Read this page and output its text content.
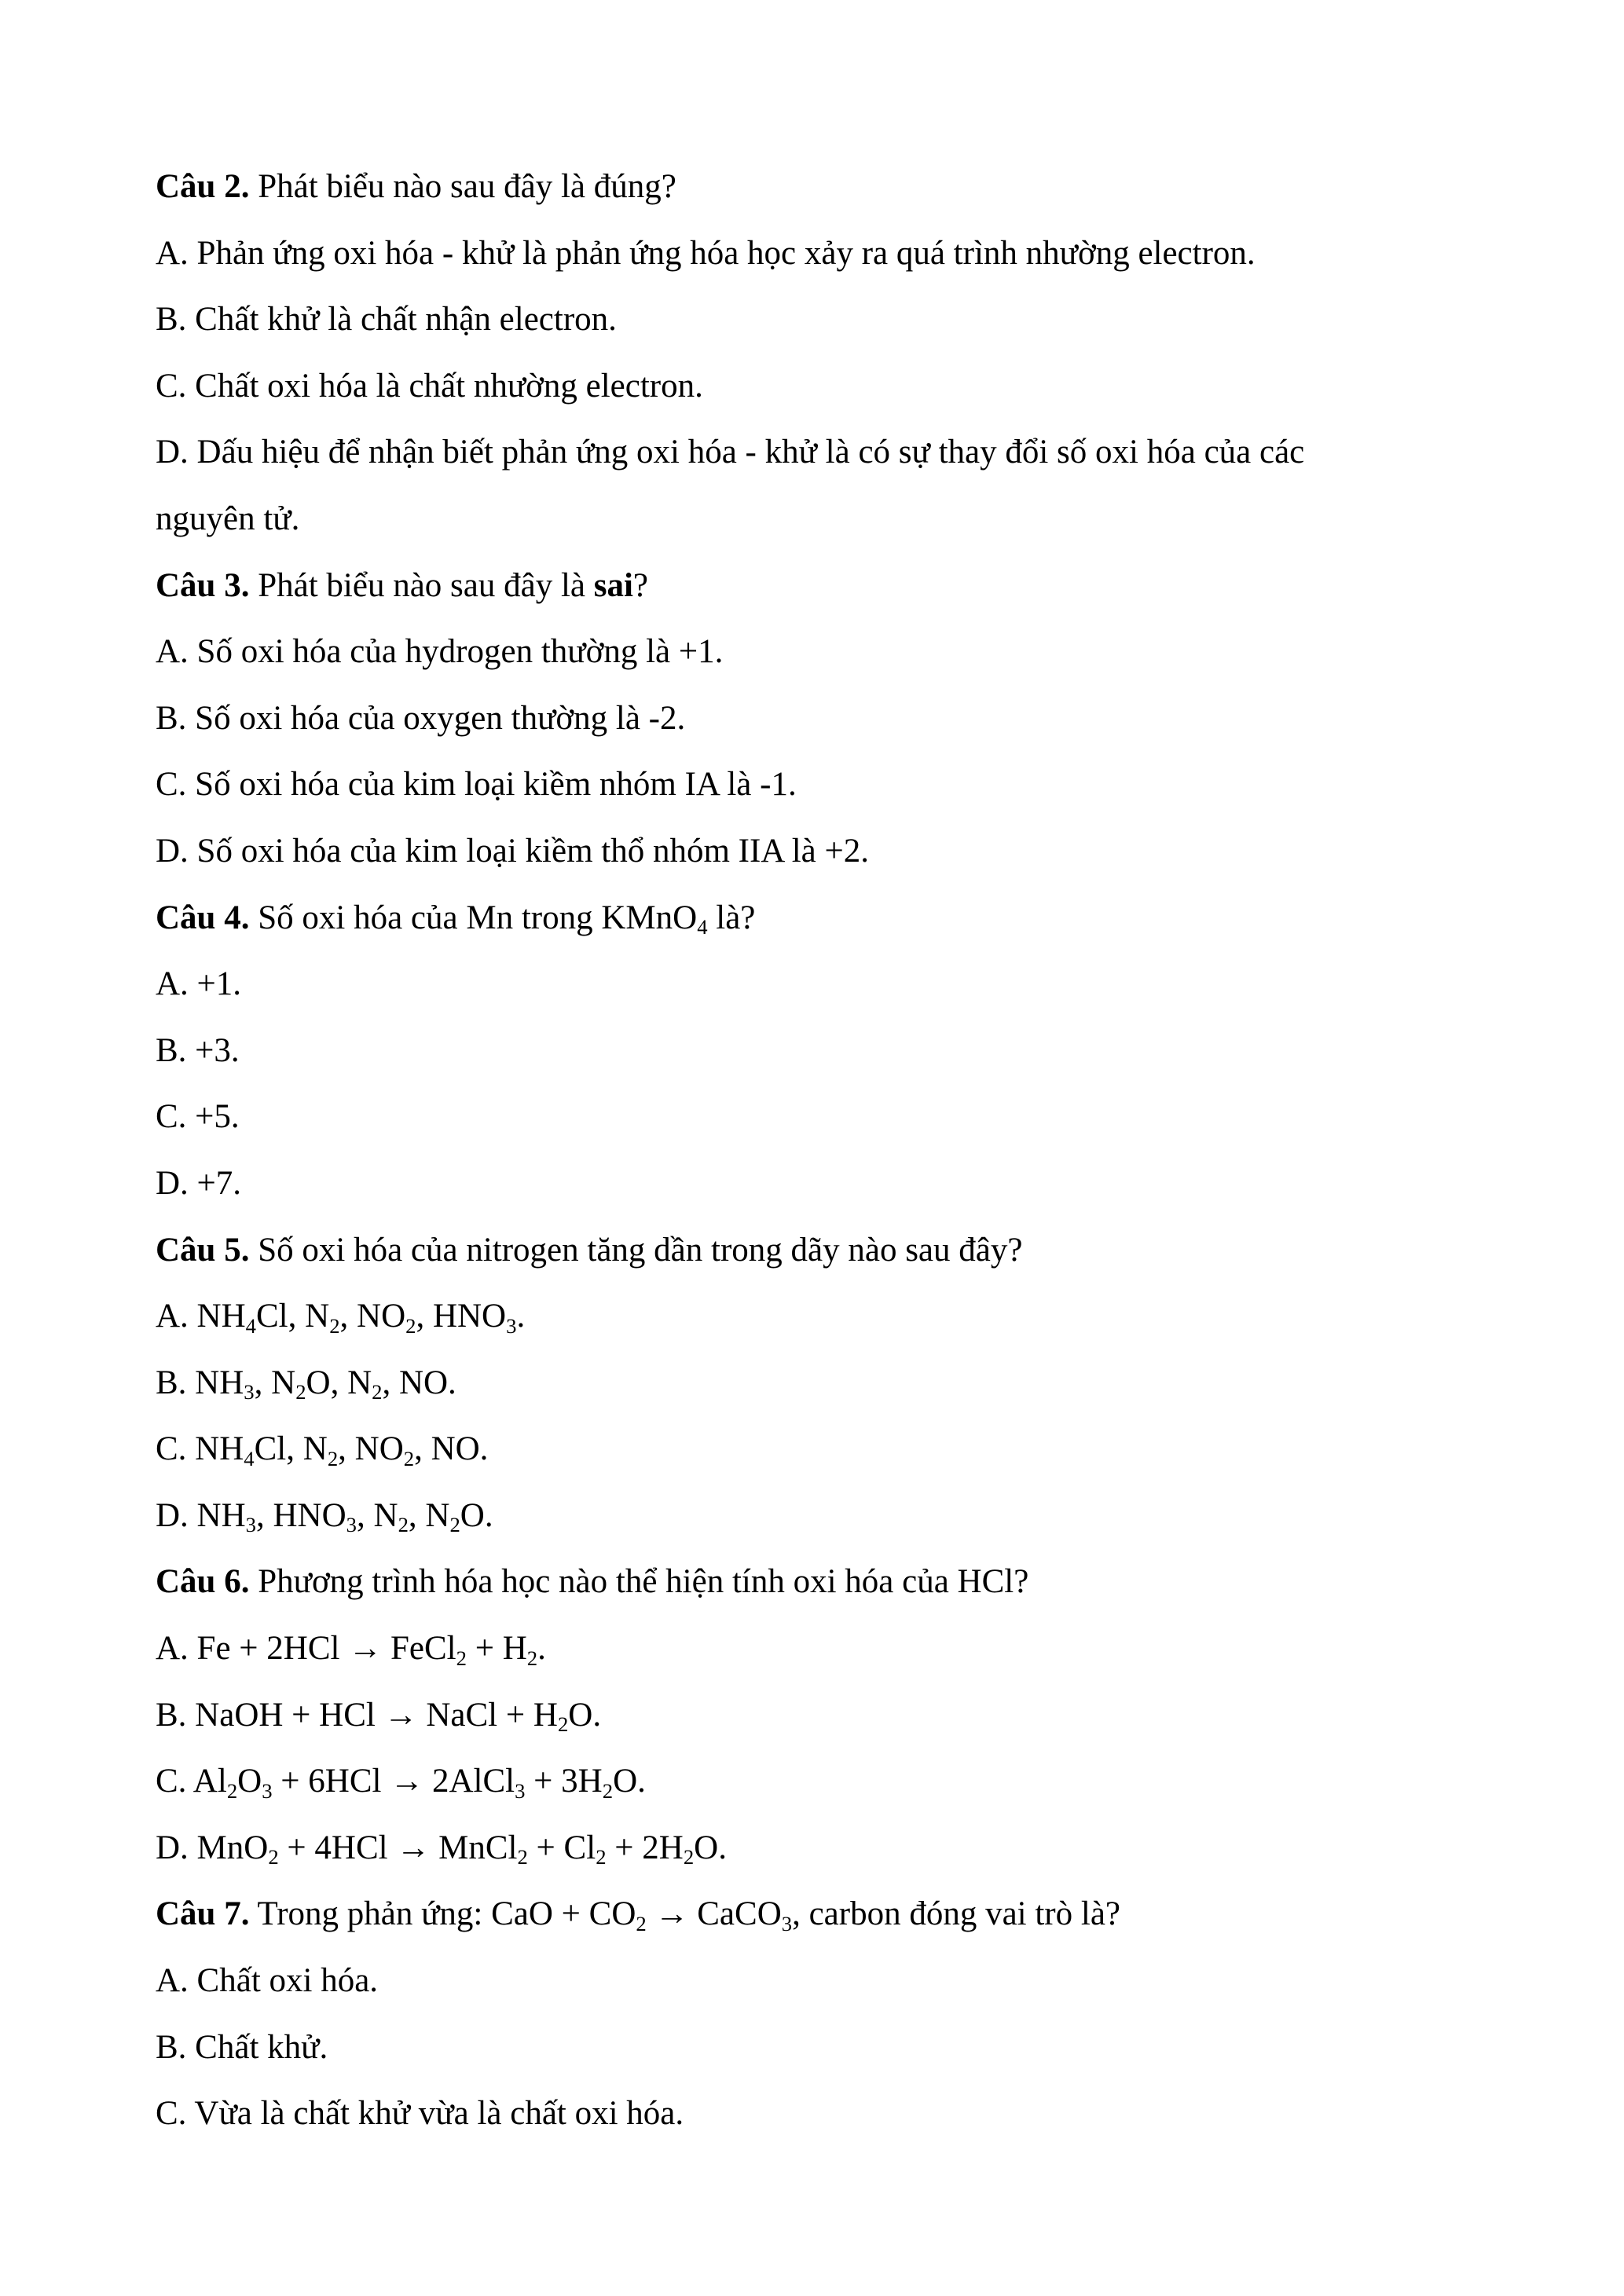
Câu 2. Phát biểu nào sau đây là đúng?
A. Phản ứng oxi hóa - khử là phản ứng hóa học xảy ra quá trình nhường electron.
B. Chất khử là chất nhận electron.
C. Chất oxi hóa là chất nhường electron.
D. Dấu hiệu để nhận biết phản ứng oxi hóa - khử là có sự thay đổi số oxi hóa của các
nguyên tử.
Câu 3. Phát biểu nào sau đây là sai?
A. Số oxi hóa của hydrogen thường là +1.
B. Số oxi hóa của oxygen thường là -2.
C. Số oxi hóa của kim loại kiềm nhóm IA là -1.
D. Số oxi hóa của kim loại kiềm thổ nhóm IIA là +2.
Câu 4. Số oxi hóa của Mn trong KMnO$_4$ là?
A. +1.
B. +3.
C. +5.
D. +7.
Câu 5. Số oxi hóa của nitrogen tăng dần trong dãy nào sau đây?
A. $NH_4Cl$, $N_2$, $NO_2$, $HNO_3$.
B. $NH_3$, $N_2O$, $N_2$, NO.
C. $NH_4Cl$, $N_2$, $NO_2$, NO.
D. $NH_3$, $HNO_3$, $N_2$, $N_2O$.
Câu 6. Phương trình hóa học nào thể hiện tính oxi hóa của HCl?
A. Fe + 2HCl → FeCl$_2$ + $H_2$.
B. NaOH + HCl → NaCl + $H_2O$.
C. $Al_2O_3 + 6HCl$ → 2AlCl$_3$ + $3H_2O$.
D. MnO$_2$ + 4HCl → MnCl$_2$ + $Cl_2 + 2H_2O$.
Câu 7. Trong phản ứng: CaO + $CO_2$ → CaCO$_3$, carbon đóng vai trò là?
A. Chất oxi hóa.
B. Chất khử.
C. Vừa là chất khử vừa là chất oxi hóa.
